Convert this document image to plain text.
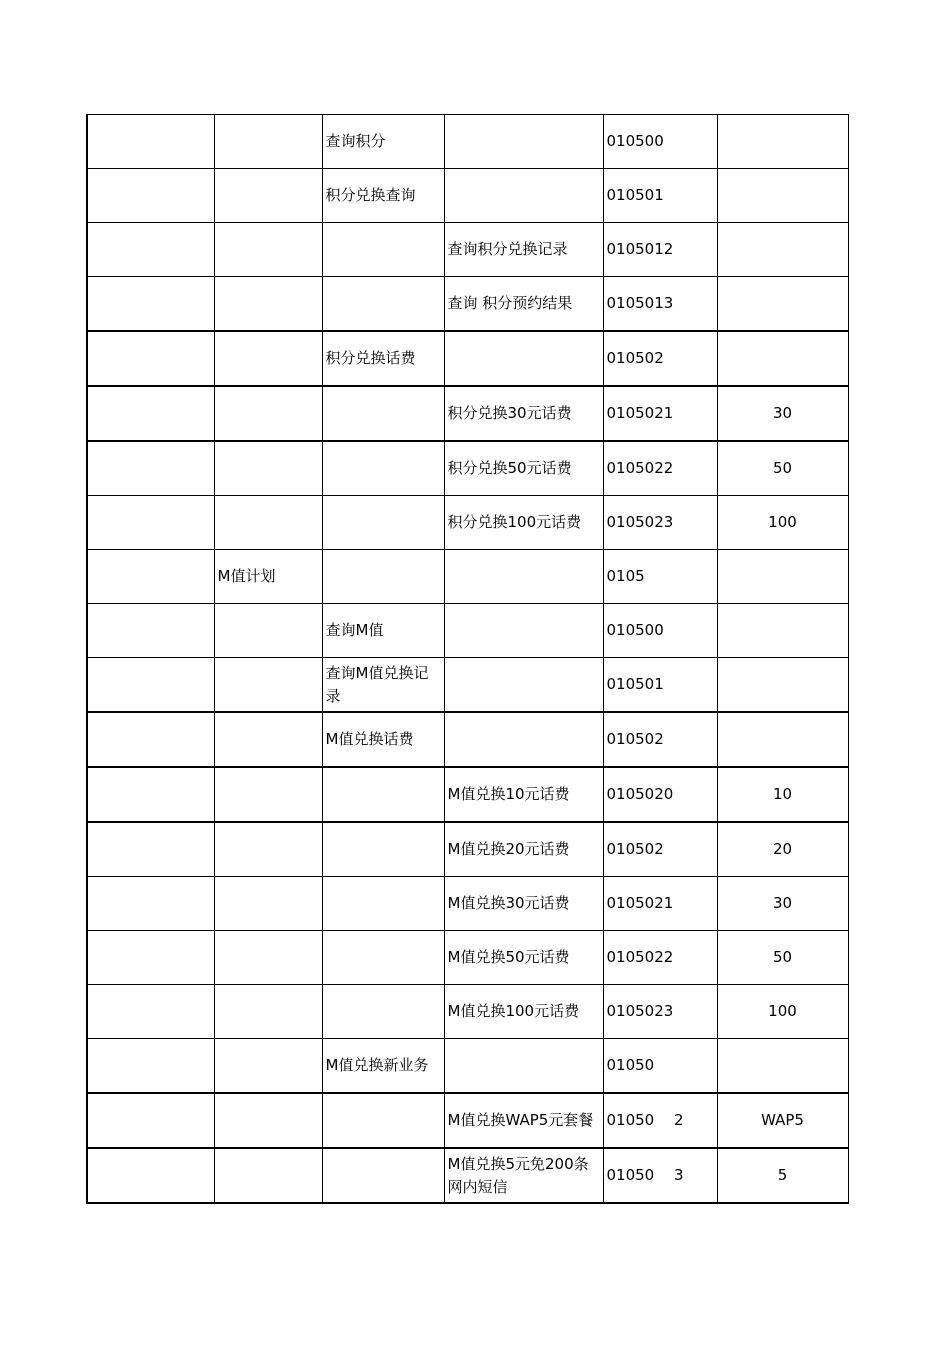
		查询积分		010500	
		积分兑换查询		010501	
			查询积分兑换记录	0105012	
			查询 积分预约结果	0105013	
		积分兑换话费		010502	
			积分兑换30元话费	0105021	30
			积分兑换50元话费	0105022	50
			积分兑换100元话费	0105023	100
	M值计划			0105	
		查询M值		010500	
		查询M值兑换记录		010501	
		M值兑换话费		010502	
			M值兑换10元话费	0105020	10
			M值兑换20元话费	010502	20
			M值兑换30元话费	0105021	30
			M值兑换50元话费	0105022	50
			M值兑换100元话费	0105023	100
		M值兑换新业务		01050	
			M值兑换WAP5元套餐	01050　 2	WAP5
			M值兑换5元免200条网内短信	01050　 3	5
